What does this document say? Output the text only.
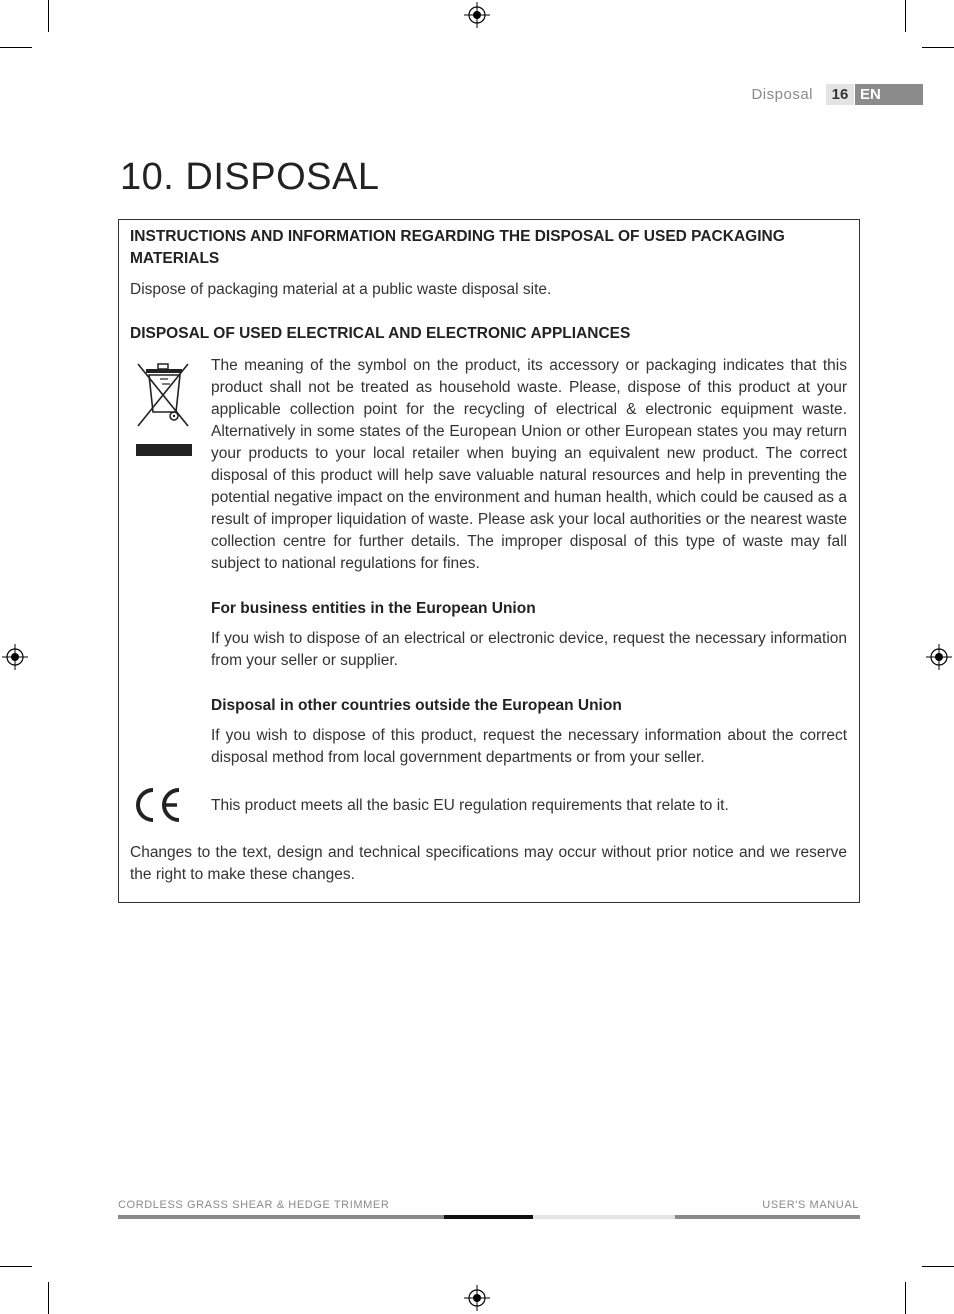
Disposal	16 EN
10. DISPOSAL
INSTRUCTIONS AND INFORMATION REGARDING THE DISPOSAL OF USED PACKAGING MATERIALS

Dispose of packaging material at a public waste disposal site.

DISPOSAL OF USED ELECTRICAL AND ELECTRONIC APPLIANCES

The meaning of the symbol on the product, its accessory or packaging indicates that this product shall not be treated as household waste. Please, dispose of this product at your applicable collection point for the recycling of electrical & electronic equipment waste. Alternatively in some states of the European Union or other European states you may return your products to your local retailer when buying an equivalent new product. The correct disposal of this product will help save valuable natural resources and help in preventing the potential negative impact on the environment and human health, which could be caused as a result of improper liquidation of waste. Please ask your local authorities or the nearest waste collection centre for further details. The improper disposal of this type of waste may fall subject to national regulations for fines.

For business entities in the European Union

If you wish to dispose of an electrical or electronic device, request the necessary information from your seller or supplier.

Disposal in other countries outside the European Union

If you wish to dispose of this product, request the necessary information about the correct disposal method from local government departments or from your seller.

This product meets all the basic EU regulation requirements that relate to it.

Changes to the text, design and technical specifications may occur without prior notice and we reserve the right to make these changes.

CORDLESS GRASS SHEAR & HEDGE TRIMMER	USER'S MANUAL
